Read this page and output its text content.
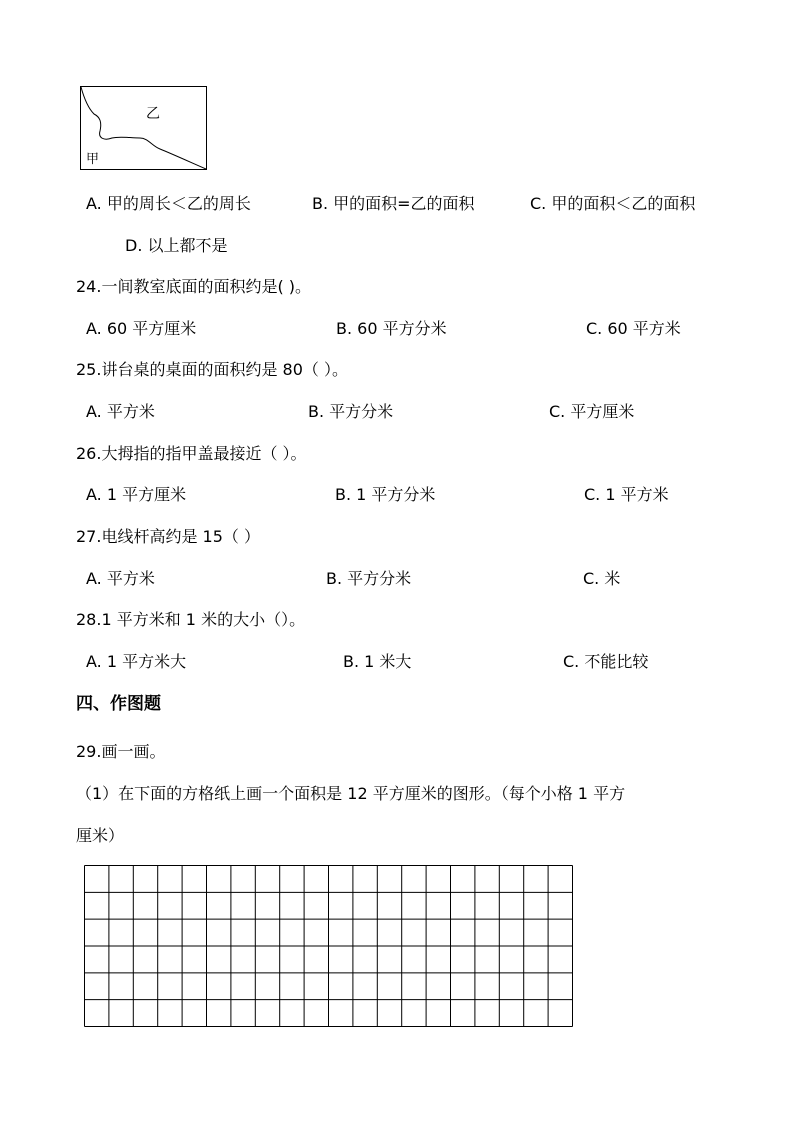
乙
甲
A. 甲的周长＜乙的周长	B. 甲的面积=乙的面积	C. 甲的面积＜乙的面积
D. 以上都不是
24.一间教室底面的面积约是( )。
A. 60 平方厘米	B. 60 平方分米	C. 60 平方米
25.讲台桌的桌面的面积约是 80（ ）。
A. 平方米	B. 平方分米	C. 平方厘米
26.大拇指的指甲盖最接近（ ）。
A. 1 平方厘米	B. 1 平方分米	C. 1 平方米
27.电线杆高约是 15（ ）
A. 平方米	B. 平方分米	C. 米
28.1 平方米和 1 米的大小（）。
A. 1 平方米大	B. 1 米大	C. 不能比较
四、作图题
29.画一画。
（1）在下面的方格纸上画一个面积是 12 平方厘米的图形。（每个小格 1 平方
厘米）
